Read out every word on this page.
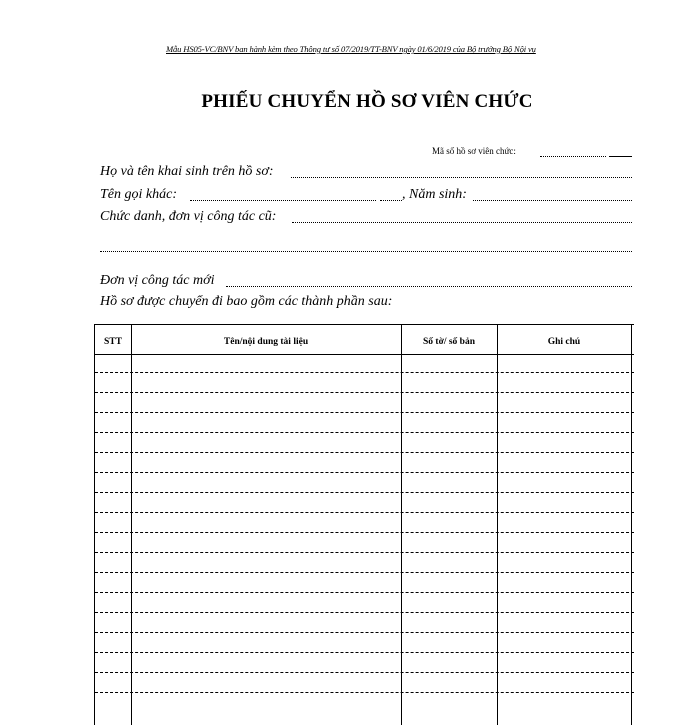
Mẫu HS05-VC/BNV ban hành kèm theo Thông tư số 07/2019/TT-BNV ngày 01/6/2019 của Bộ trưởng Bộ Nội vụ
PHIẾU CHUYỂN HỒ SƠ VIÊN CHỨC
Mã số hồ sơ viên chức:
Họ và tên khai sinh trên hồ sơ:
Tên gọi khác:	, Năm sinh:
Chức danh, đơn vị công tác cũ:
Đơn vị công tác mới
Hồ sơ được chuyển đi bao gồm các thành phần sau:
STT	Tên/nội dung tài liệu	Số tờ/ số bản	Ghi chú
